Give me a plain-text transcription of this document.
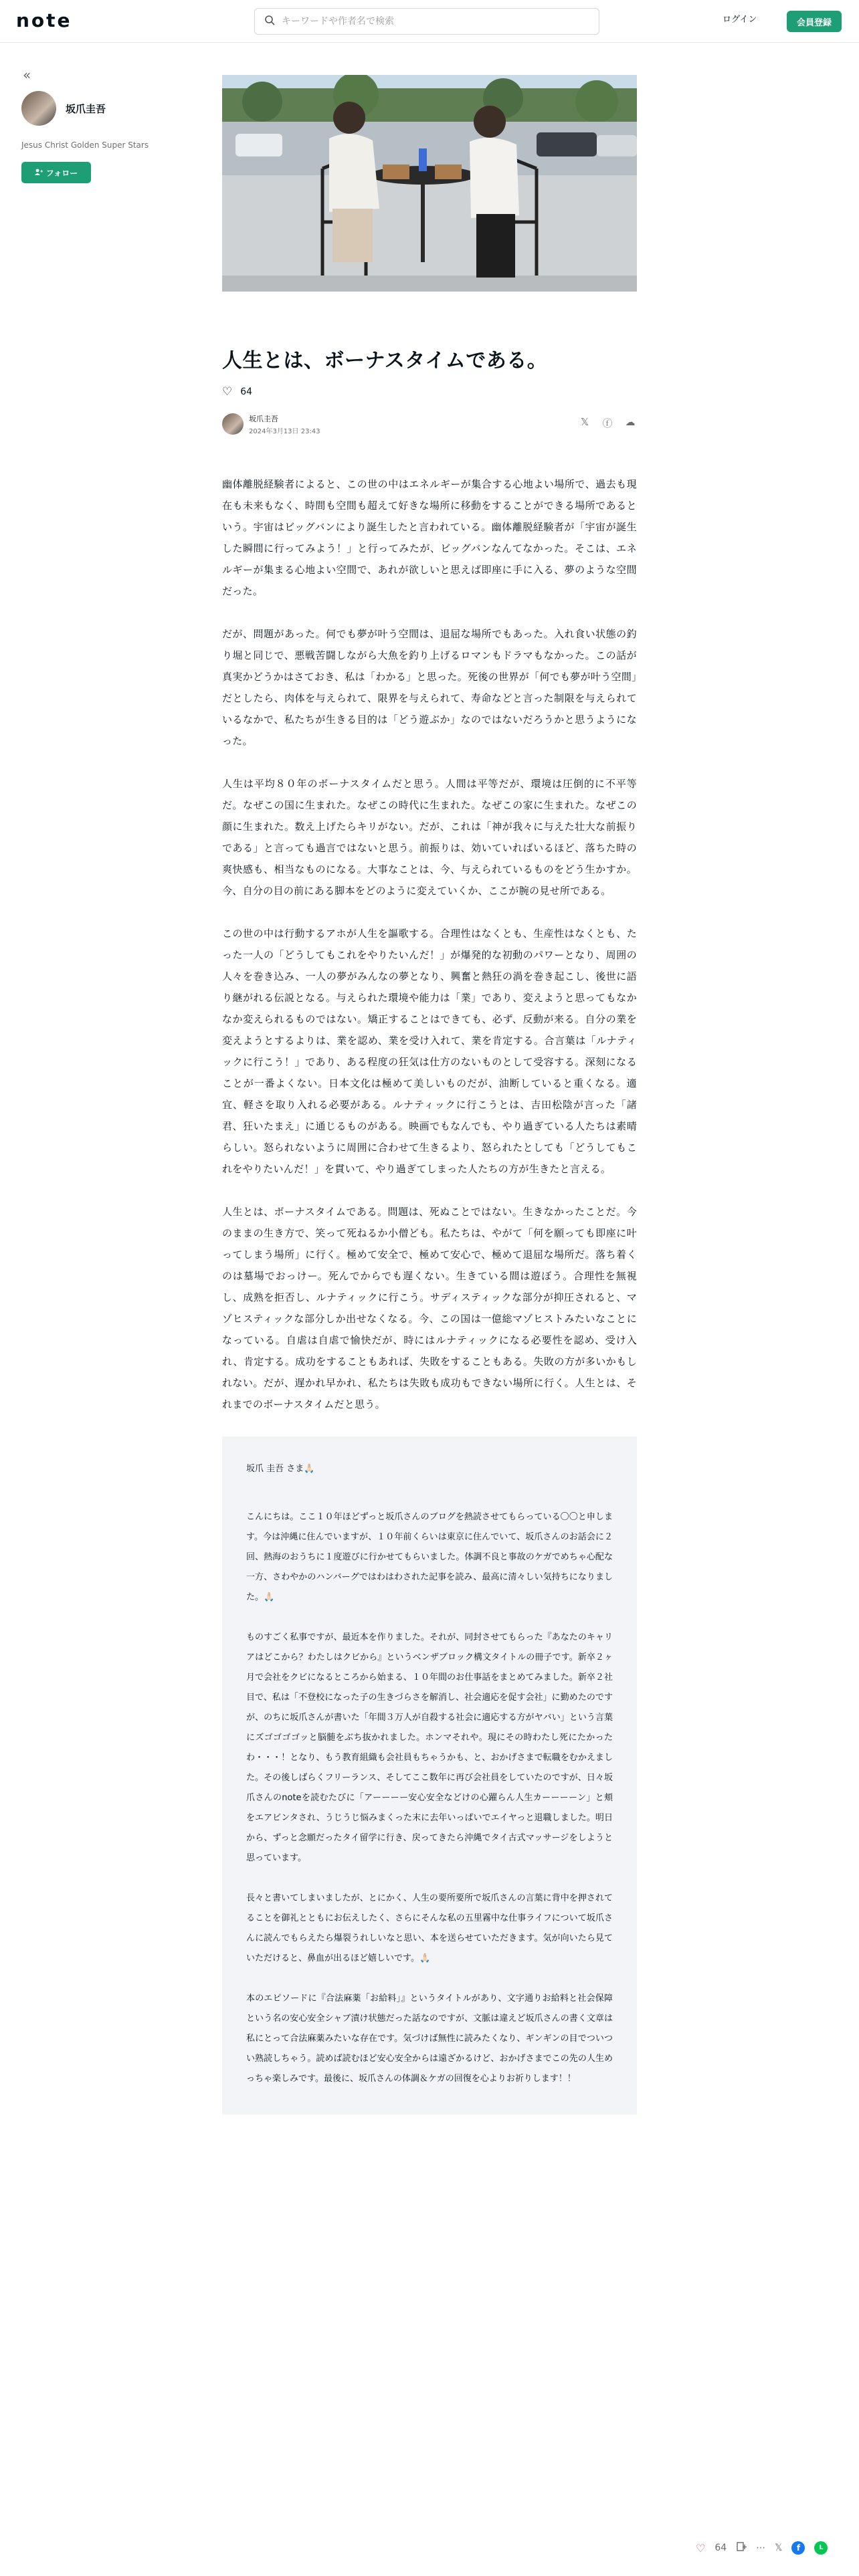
note
キーワードや作者名で検索	ログイン	会員登録
«
坂爪圭吾
Jesus Christ Golden Super Stars
フォロー
人生とは、ボーナスタイムである。
♡ 64
坂爪圭吾
2024年3月13日 23:43
𝕏 ⓕ ☁

幽体離脱経験者によると、この世の中はエネルギーが集合する心地よい場所で、過去も現在も未来もなく、時間も空間も超えて好きな場所に移動をすることができる場所であるという。宇宙はビッグバンにより誕生したと言われている。幽体離脱経験者が「宇宙が誕生した瞬間に行ってみよう！」と行ってみたが、ビッグバンなんてなかった。そこは、エネルギーが集まる心地よい空間で、あれが欲しいと思えば即座に手に入る、夢のような空間だった。

だが、問題があった。何でも夢が叶う空間は、退屈な場所でもあった。入れ食い状態の釣り堀と同じで、悪戦苦闘しながら大魚を釣り上げるロマンもドラマもなかった。この話が真実かどうかはさておき、私は「わかる」と思った。死後の世界が「何でも夢が叶う空間」だとしたら、肉体を与えられて、限界を与えられて、寿命などと言った制限を与えられているなかで、私たちが生きる目的は「どう遊ぶか」なのではないだろうかと思うようになった。

人生は平均８０年のボーナスタイムだと思う。人間は平等だが、環境は圧倒的に不平等だ。なぜこの国に生まれた。なぜこの時代に生まれた。なぜこの家に生まれた。なぜこの顔に生まれた。数え上げたらキリがない。だが、これは「神が我々に与えた壮大な前振りである」と言っても過言ではないと思う。前振りは、効いていればいるほど、落ちた時の爽快感も、相当なものになる。大事なことは、今、与えられているものをどう生かすか。今、自分の目の前にある脚本をどのように変えていくか、ここが腕の見せ所である。

この世の中は行動するアホが人生を謳歌する。合理性はなくとも、生産性はなくとも、たった一人の「どうしてもこれをやりたいんだ！」が爆発的な初動のパワーとなり、周囲の人々を巻き込み、一人の夢がみんなの夢となり、興奮と熱狂の渦を巻き起こし、後世に語り継がれる伝説となる。与えられた環境や能力は「業」であり、変えようと思ってもなかなか変えられるものではない。矯正することはできても、必ず、反動が来る。自分の業を変えようとするよりは、業を認め、業を受け入れて、業を肯定する。合言葉は「ルナティックに行こう！」であり、ある程度の狂気は仕方のないものとして受容する。深刻になることが一番よくない。日本文化は極めて美しいものだが、油断していると重くなる。適宜、軽さを取り入れる必要がある。ルナティックに行こうとは、吉田松陰が言った「諸君、狂いたまえ」に通じるものがある。映画でもなんでも、やり過ぎている人たちは素晴らしい。怒られないように周囲に合わせて生きるより、怒られたとしても「どうしてもこれをやりたいんだ！」を貫いて、やり過ぎてしまった人たちの方が生きたと言える。

人生とは、ボーナスタイムである。問題は、死ぬことではない。生きなかったことだ。今のままの生き方で、笑って死ねるか小僧ども。私たちは、やがて「何を願っても即座に叶ってしまう場所」に行く。極めて安全で、極めて安心で、極めて退屈な場所だ。落ち着くのは墓場でおっけー。死んでからでも遅くない。生きている間は遊ぼう。合理性を無視し、成熟を拒否し、ルナティックに行こう。サディスティックな部分が抑圧されると、マゾヒスティックな部分しか出せなくなる。今、この国は一億総マゾヒストみたいなことになっている。自虐は自虐で愉快だが、時にはルナティックになる必要性を認め、受け入れ、肯定する。成功をすることもあれば、失敗をすることもある。失敗の方が多いかもしれない。だが、遅かれ早かれ、私たちは失敗も成功もできない場所に行く。人生とは、それまでのボーナスタイムだと思う。

坂爪 圭吾 さま🙏🏻

こんにちは。ここ１０年ほどずっと坂爪さんのブログを熱読させてもらっている〇〇と申します。今は沖縄に住んでいますが、１０年前くらいは東京に住んでいて、坂爪さんのお話会に２回、熱海のおうちに１度遊びに行かせてもらいました。体調不良と事故のケガでめちゃ心配な一方、さわやかのハンバーグではわはわされた記事を読み、最高に清々しい気持ちになりました。🙏🏻

ものすごく私事ですが、最近本を作りました。それが、同封させてもらった『あなたのキャリアはどこから？わたしはクビから』というベンザブロック構文タイトルの冊子です。新卒２ヶ月で会社をクビになるところから始まる、１０年間のお仕事話をまとめてみました。新卒２社目で、私は「不登校になった子の生きづらさを解消し、社会適応を促す会社」に勤めたのですが、のちに坂爪さんが書いた「年間３万人が自殺する社会に適応する方がヤバい」という言葉にズゴゴゴゴッと脳髄をぶち抜かれました。ホンマそれや。現にその時わたし死にたかったわ・・・！となり、もう教育組織も会社員もちゃうかも、と、おかげさまで転職をむかえました。その後しばらくフリーランス、そしてここ数年に再び会社員をしていたのですが、日々坂爪さんのnoteを読むたびに「アーーーー安心安全などけの心躍らん人生カーーーーン」と頬をエアビンタされ、うじうじ悩みまくった末に去年いっぱいでエイヤっと退職しました。明日から、ずっと念願だったタイ留学に行き、戻ってきたら沖縄でタイ古式マッサージをしようと思っています。

長々と書いてしまいましたが、とにかく、人生の要所要所で坂爪さんの言葉に背中を押されてることを御礼とともにお伝えしたく、さらにそんな私の五里霧中な仕事ライフについて坂爪さんに読んでもらえたら爆裂うれしいなと思い、本を送らせていただきます。気が向いたら見ていただけると、鼻血が出るほど嬉しいです。🙏🏻

本のエピソードに『合法麻薬「お給料」』というタイトルがあり、文字通りお給料と社会保障という名の安心安全シャブ漬け状態だった話なのですが、文脈は違えど坂爪さんの書く文章は私にとって合法麻薬みたいな存在です。気づけば無性に読みたくなり、ギンギンの目でついつい熟読しちゃう。読めば読むほど安心安全からは遠ざかるけど、おかげさまでこの先の人生めっちゃ楽しみです。最後に、坂爪さんの体調＆ケガの回復を心よりお祈りします！！

♡ 64	⋯ 𝕏	f	L
